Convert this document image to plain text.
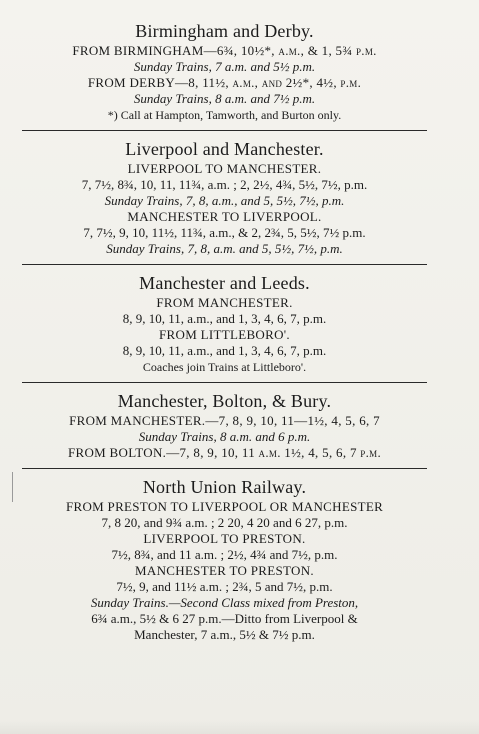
Birmingham and Derby.
FROM BIRMINGHAM—6¾, 10½*, a.m., & 1, 5¾ p.m.
Sunday Trains, 7 a.m. and 5½ p.m.
FROM DERBY—8, 11½, a.m., and 2½*, 4½, p.m.
Sunday Trains, 8 a.m. and 7½ p.m.
*) Call at Hampton, Tamworth, and Burton only.
Liverpool and Manchester.
LIVERPOOL TO MANCHESTER.
7, 7½, 8¾, 10, 11, 11¾, a.m. ; 2, 2½, 4¾, 5½, 7½, p.m.
Sunday Trains, 7, 8, a.m., and 5, 5½, 7½, p.m.
MANCHESTER TO LIVERPOOL.
7, 7½, 9, 10, 11½, 11¾, a.m., & 2, 2¾, 5, 5½, 7½ p.m.
Sunday Trains, 7, 8, a.m. and 5, 5½, 7½, p.m.
Manchester and Leeds.
FROM MANCHESTER.
8, 9, 10, 11, a.m., and 1, 3, 4, 6, 7, p.m.
FROM LITTLEBORO'.
8, 9, 10, 11, a.m., and 1, 3, 4, 6, 7, p.m.
Coaches join Trains at Littleboro'.
Manchester, Bolton, & Bury.
FROM MANCHESTER.—7, 8, 9, 10, 11—1½, 4, 5, 6, 7
Sunday Trains, 8 a.m. and 6 p.m.
FROM BOLTON.—7, 8, 9, 10, 11 a.m. 1½, 4, 5, 6, 7 p.m.
North Union Railway.
FROM PRESTON TO LIVERPOOL OR MANCHESTER
7, 8 20, and 9¾ a.m. ; 2 20, 4 20 and 6 27, p.m.
LIVERPOOL TO PRESTON.
7½, 8¾, and 11 a.m. ; 2½, 4¾ and 7½, p.m.
MANCHESTER TO PRESTON.
7½, 9, and 11½ a.m. ; 2¾, 5 and 7½, p.m.
Sunday Trains.—Second Class mixed from Preston,
6¾ a.m., 5½ & 6 27 p.m.—Ditto from Liverpool &
Manchester, 7 a.m., 5½ & 7½ p.m.
